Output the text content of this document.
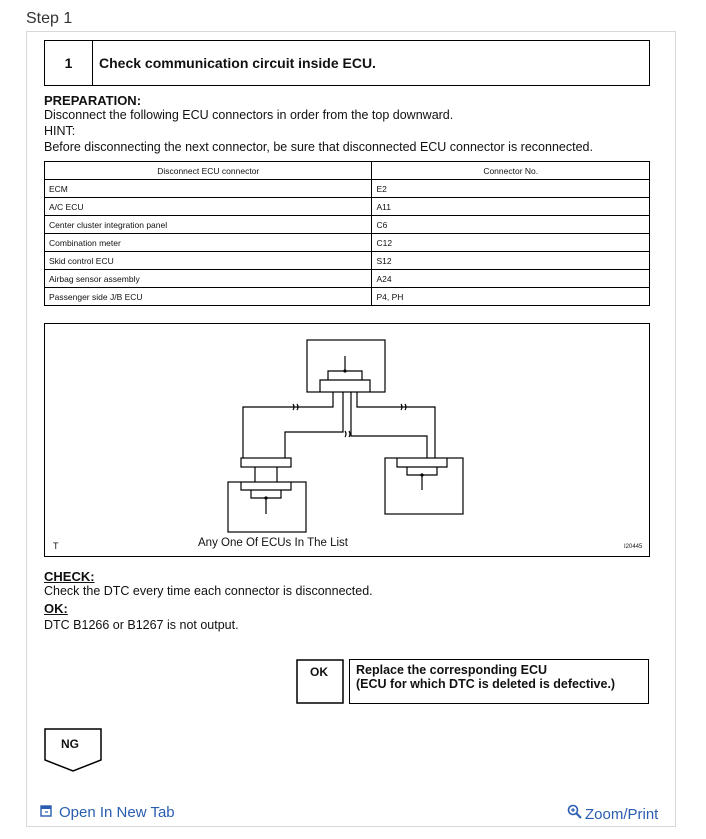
Step 1
1	Check communication circuit inside ECU.
PREPARATION:
Disconnect the following ECU connectors in order from the top downward.
HINT:
Before disconnecting the next connector, be sure that disconnected ECU connector is reconnected.
Disconnect ECU connector	Connector No.
ECM	E2
A/C ECU	A11
Center cluster integration panel	C6
Combination meter	C12
Skid control ECU	S12
Airbag sensor assembly	A24
Passenger side J/B ECU	P4, PH
T	Any One Of ECUs In The List	I20445
CHECK:
Check the DTC every time each connector is disconnected.
OK:
DTC B1266 or B1267 is not output.
OK Replace the corresponding ECU
(ECU for which DTC is deleted is defective.)
NG
Open In New Tab	Zoom/Print
